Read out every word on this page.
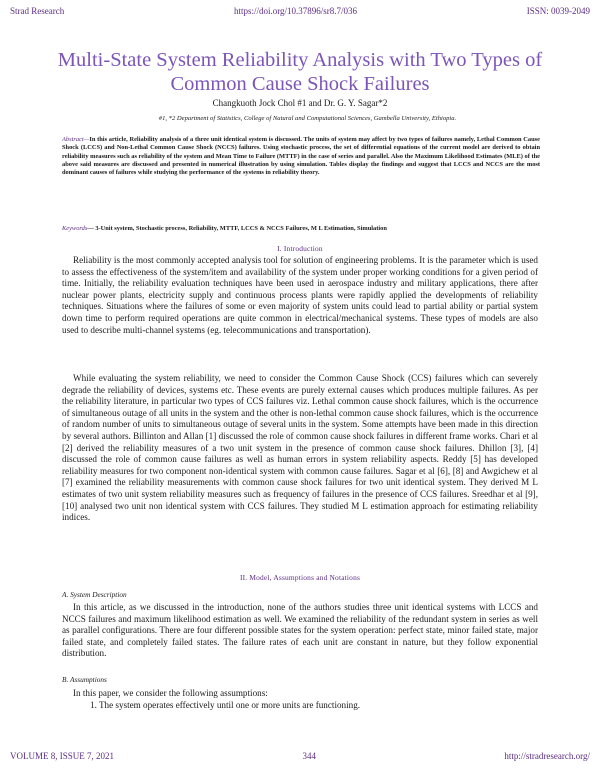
Strad Research	https://doi.org/10.37896/sr8.7/036	ISSN: 0039-2049
Multi-State System Reliability Analysis with Two Types of Common Cause Shock Failures
Changkuoth Jock Chol #1 and Dr. G. Y. Sagar*2
#1, *2 Department of Statistics, College of Natural and Computational Sciences, Gambella University, Ethiopia.
Abstract—In this article, Reliability analysis of a three unit identical system is discussed. The units of system may affect by two types of failures namely, Lethal Common Cause Shock (LCCS) and Non-Lethal Common Cause Shock (NCCS) failures. Using stochastic process, the set of differential equations of the current model are derived to obtain reliability measures such as reliability of the system and Mean Time to Failure (MTTF) in the case of series and parallel. Also the Maximum Likelihood Estimates (MLE) of the above said measures are discussed and presented in numerical illustration by using simulation. Tables display the findings and suggest that LCCS and NCCS are the most dominant causes of failures while studying the performance of the systems in reliability theory.
Keywords— 3-Unit system, Stochastic process, Reliability, MTTF, LCCS & NCCS Failures, M L Estimation, Simulation
I. Introduction

Reliability is the most commonly accepted analysis tool for solution of engineering problems. It is the parameter which is used to assess the effectiveness of the system/item and availability of the system under proper working conditions for a given period of time. Initially, the reliability evaluation techniques have been used in aerospace industry and military applications, there after nuclear power plants, electricity supply and continuous process plants were rapidly applied the developments of reliability techniques. Situations where the failures of some or even majority of system units could lead to partial ability or partial system down time to perform required operations are quite common in electrical/mechanical systems. These types of models are also used to describe multi-channel systems (eg. telecommunications and transportation).

While evaluating the system reliability, we need to consider the Common Cause Shock (CCS) failures which can severely degrade the reliability of devices, systems etc. These events are purely external causes which produces multiple failures. As per the reliability literature, in particular two types of CCS failures viz. Lethal common cause shock failures, which is the occurrence of simultaneous outage of all units in the system and the other is non-lethal common cause shock failures, which is the occurrence of random number of units to simultaneous outage of several units in the system. Some attempts have been made in this direction by several authors. Billinton and Allan [1] discussed the role of common cause shock failures in different frame works. Chari et al [2] derived the reliability measures of a two unit system in the presence of common cause shock failures. Dhillon [3], [4] discussed the role of common cause failures as well as human errors in system reliability aspects. Reddy [5] has developed reliability measures for two component non-identical system with common cause failures. Sagar et al [6], [8] and Awgichew et al [7] examined the reliability measurements with common cause shock failures for two unit identical system. They derived M L estimates of two unit system reliability measures such as frequency of failures in the presence of CCS failures. Sreedhar et al [9], [10] analysed two unit non identical system with CCS failures. They studied M L estimation approach for estimating reliability indices.

II. Model, Assumptions and Notations
A. System Description

In this article, as we discussed in the introduction, none of the authors studies three unit identical systems with LCCS and NCCS failures and maximum likelihood estimation as well. We examined the reliability of the redundant system in series as well as parallel configurations. There are four different possible states for the system operation: perfect state, minor failed state, major failed state, and completely failed states. The failure rates of each unit are constant in nature, but they follow exponential distribution.

B. Assumptions

In this paper, we consider the following assumptions:

1. The system operates effectively until one or more units are functioning.
VOLUME 8, ISSUE 7, 2021	344	http://stradresearch.org/
